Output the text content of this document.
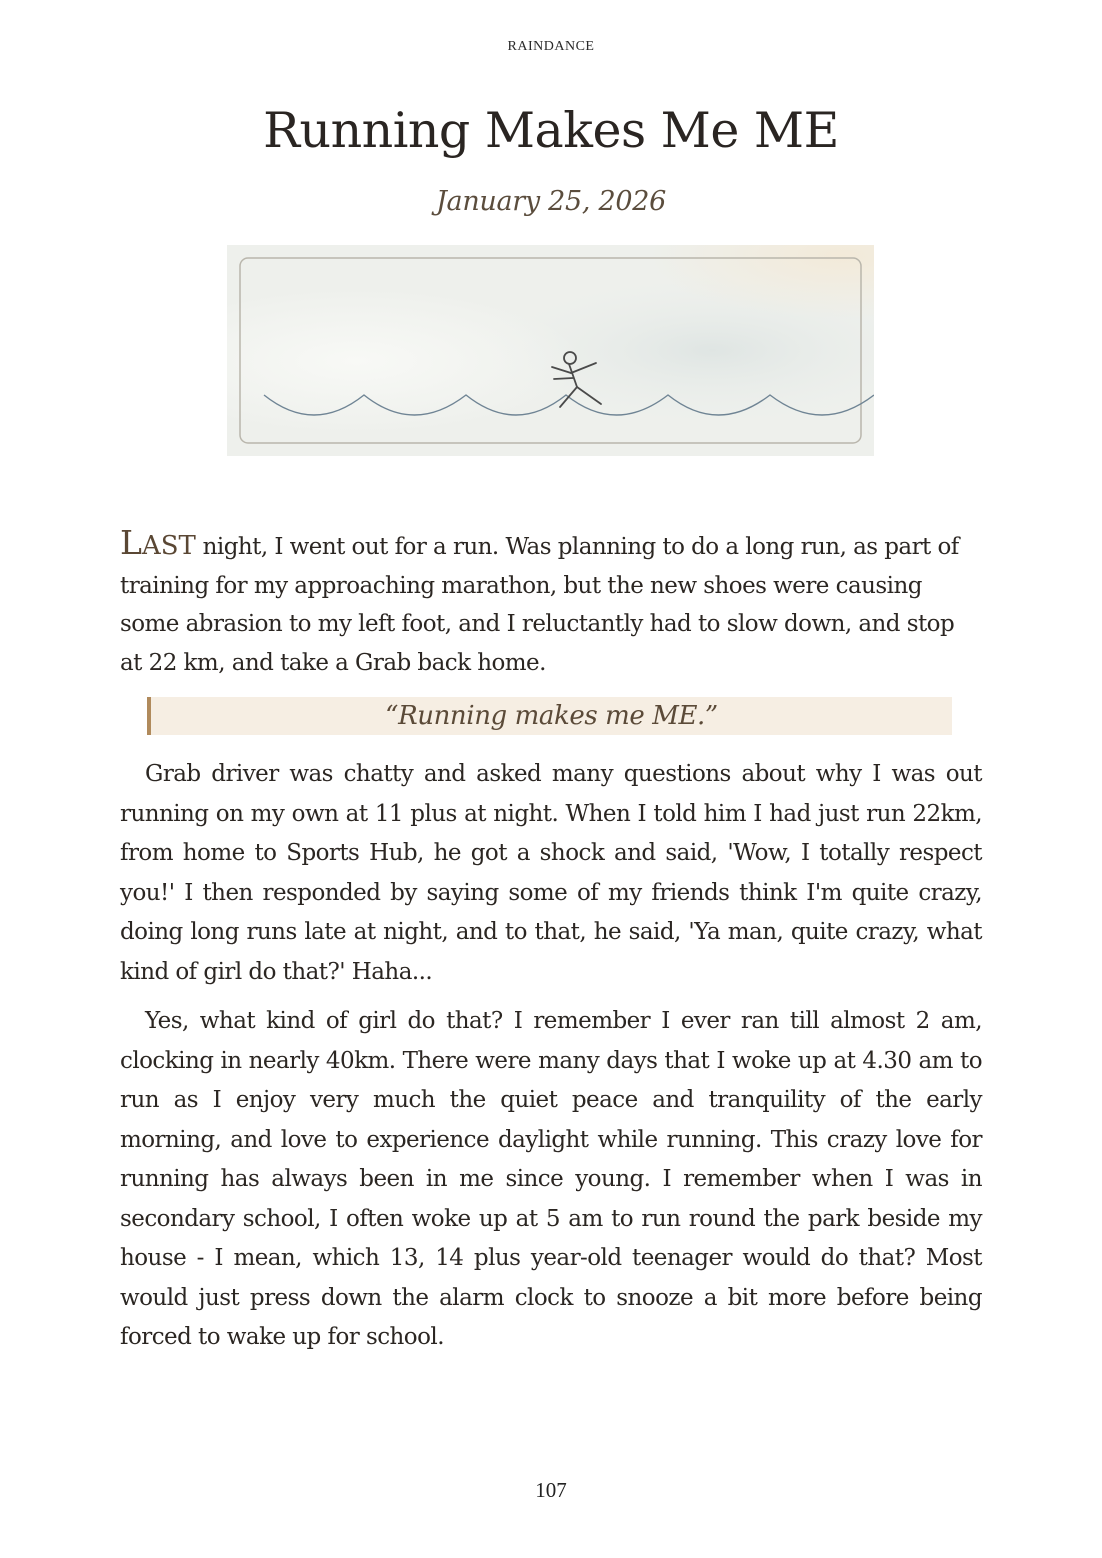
RAINDANCE
Running Makes Me ME
January 25, 2026

LAST night, I went out for a run. Was planning to do a long run, as part of training for my approaching marathon, but the new shoes were causing some abrasion to my left foot, and I reluctantly had to slow down, and stop at 22 km, and take a Grab back home.

“Running makes me ME.”

Grab driver was chatty and asked many questions about why I was out running on my own at 11 plus at night. When I told him I had just run 22km, from home to Sports Hub, he got a shock and said, 'Wow, I totally respect you!' I then responded by saying some of my friends think I'm quite crazy, doing long runs late at night, and to that, he said, 'Ya man, quite crazy, what kind of girl do that?' Haha...

Yes, what kind of girl do that? I remember I ever ran till almost 2 am, clocking in nearly 40km. There were many days that I woke up at 4.30 am to run as I enjoy very much the quiet peace and tranquility of the early morning, and love to experience daylight while running. This crazy love for running has always been in me since young. I remember when I was in secondary school, I often woke up at 5 am to run round the park beside my house - I mean, which 13, 14 plus year-old teenager would do that? Most would just press down the alarm clock to snooze a bit more before being forced to wake up for school.

107
